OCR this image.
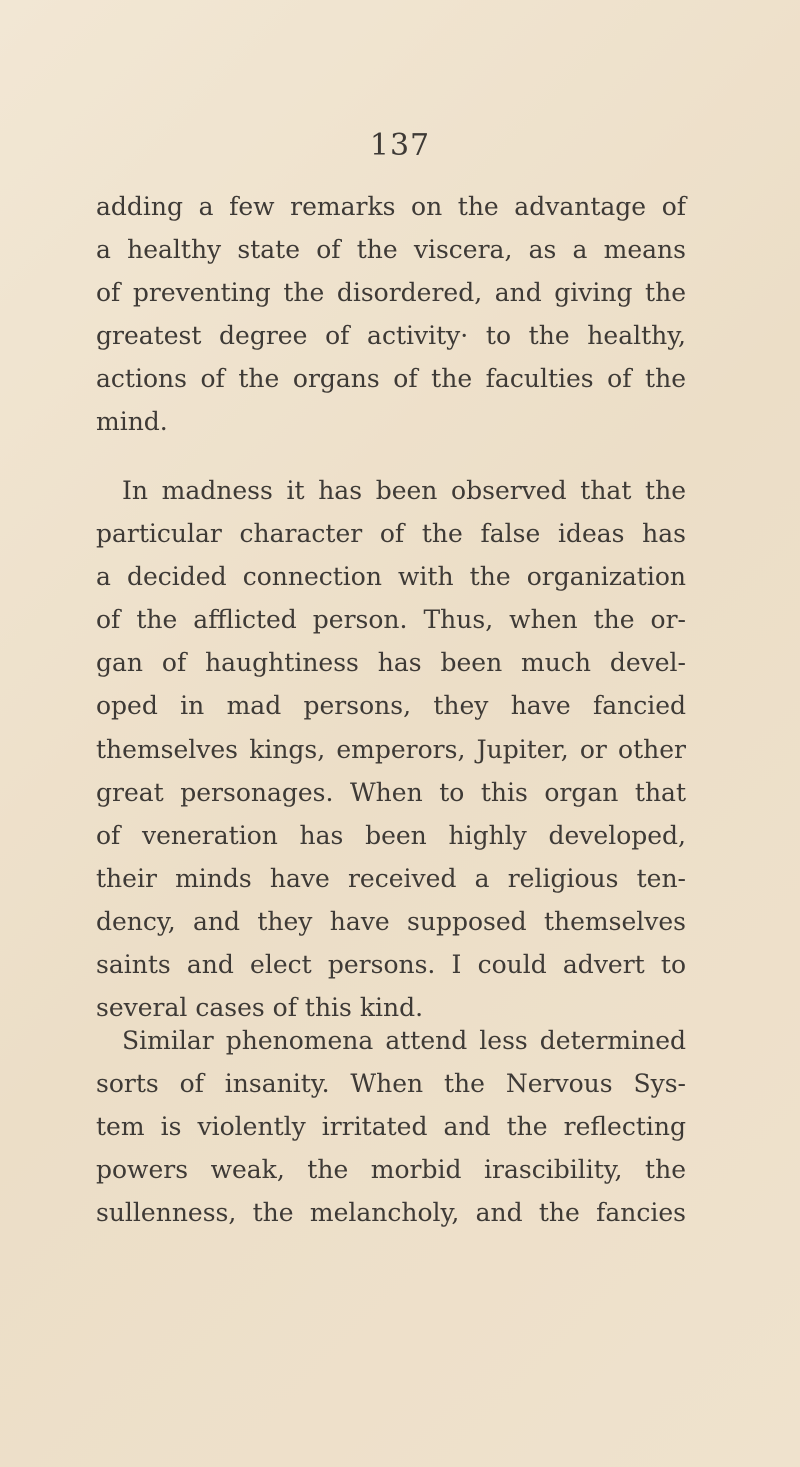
137
adding a few remarks on the advantage of
a healthy state of the viscera, as a means
of preventing the disordered, and giving the
greatest degree of activity· to the healthy,
actions of the organs of the faculties of the
mind.
In madness it has been observed that the
particular character of the false ideas has
a decided connection with the organization
of the afflicted person. Thus, when the or-
gan of haughtiness has been much devel-
oped in mad persons, they have fancied
themselves kings, emperors, Jupiter, or other
great personages. When to this organ that
of veneration has been highly developed,
their minds have received a religious ten-
dency, and they have supposed themselves
saints and elect persons. I could advert to
several cases of this kind.
Similar phenomena attend less determined
sorts of insanity. When the Nervous Sys-
tem is violently irritated and the reflecting
powers weak, the morbid irascibility, the
sullenness, the melancholy, and the fancies
